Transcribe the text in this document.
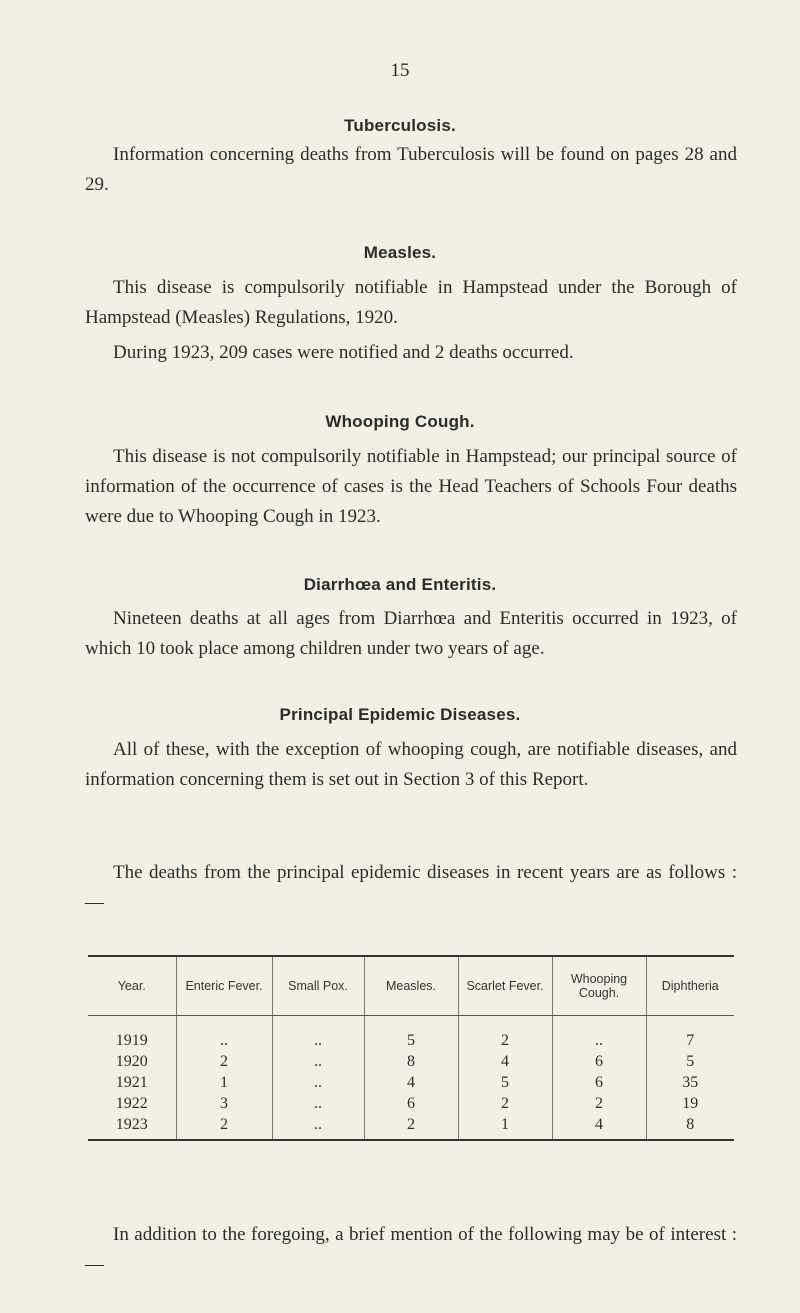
15
Tuberculosis.
Information concerning deaths from Tuberculosis will be found on pages 28 and 29.
Measles.
This disease is compulsorily notifiable in Hampstead under the Borough of Hampstead (Measles) Regulations, 1920.
During 1923, 209 cases were notified and 2 deaths occurred.
Whooping Cough.
This disease is not compulsorily notifiable in Hampstead; our principal source of information of the occurrence of cases is the Head Teachers of Schools Four deaths were due to Whooping Cough in 1923.
Diarrhœa and Enteritis.
Nineteen deaths at all ages from Diarrhœa and Enteritis occurred in 1923, of which 10 took place among children under two years of age.
Principal Epidemic Diseases.
All of these, with the exception of whooping cough, are notifiable diseases, and information concerning them is set out in Section 3 of this Report.
The deaths from the principal epidemic diseases in recent years are as follows : —
Year.	Enteric Fever.	Small Pox.	Measles.	Scarlet Fever.	Whooping Cough.	Diphtheria
1919	..	..	5	2	..	7
1920	2	..	8	4	6	5
1921	1	..	4	5	6	35
1922	3	..	6	2	2	19
1923	2	..	2	1	4	8
In addition to the foregoing, a brief mention of the following may be of interest :—
